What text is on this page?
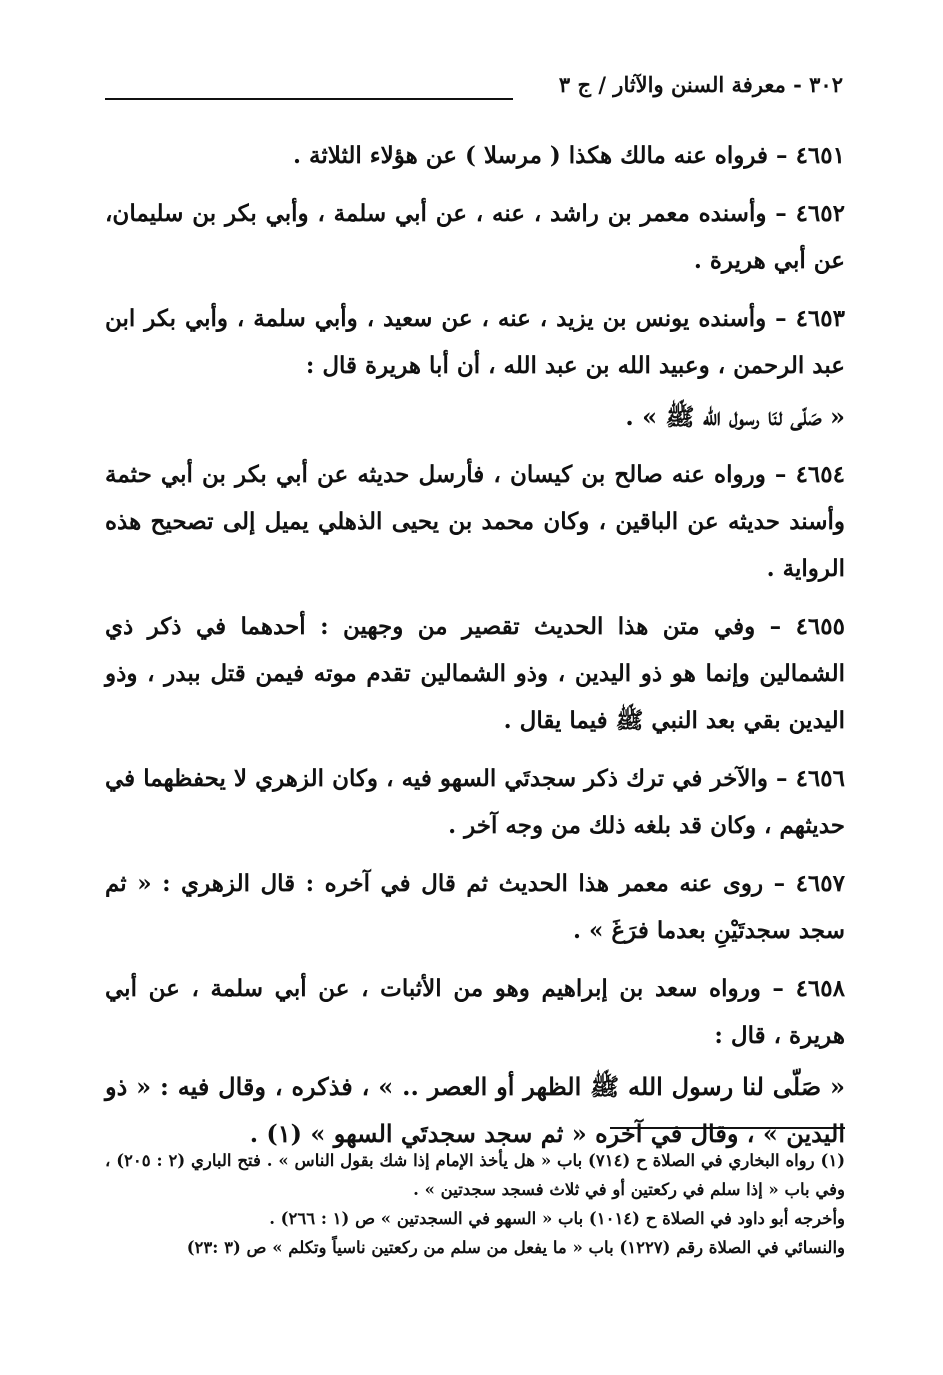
٣٠٢ - معرفة السنن والآثار / ج ٣

٤٦٥١ – فرواه عنه مالك هكذا ( مرسلا ) عن هؤلاء الثلاثة .

٤٦٥٢ – وأسنده معمر بن راشد ، عنه ، عن أبي سلمة ، وأبي بكر بن سليمان، عن أبي هريرة .

٤٦٥٣ – وأسنده يونس بن يزيد ، عنه ، عن سعيد ، وأبي سلمة ، وأبي بكر ابن عبد الرحمن ، وعبيد الله بن عبد الله ، أن أبا هريرة قال :

« صَلّى لنَا رسول الله ﷺ » .

٤٦٥٤ – ورواه عنه صالح بن كيسان ، فأرسل حديثه عن أبي بكر بن أبي حثمة وأسند حديثه عن الباقين ، وكان محمد بن يحيى الذهلي يميل إلى تصحيح هذه الرواية .

٤٦٥٥ – وفي متن هذا الحديث تقصير من وجهين : أحدهما في ذكر ذي الشمالين وإنما هو ذو اليدين ، وذو الشمالين تقدم موته فيمن قتل ببدر ، وذو اليدين بقي بعد النبي ﷺ فيما يقال .

٤٦٥٦ – والآخر في ترك ذكر سجدتَي السهو فيه ، وكان الزهري لا يحفظهما في حديثهم ، وكان قد بلغه ذلك من وجه آخر .

٤٦٥٧ – روى عنه معمر هذا الحديث ثم قال في آخره : قال الزهري : « ثم سجد سجدتَيْنِ بعدما فرَغَ » .

٤٦٥٨ – ورواه سعد بن إبراهيم وهو من الأثبات ، عن أبي سلمة ، عن أبي هريرة ، قال :

« صَلّى لنا رسول الله ﷺ الظهر أو العصر .. » ، فذكره ، وقال فيه : « ذو اليدين » ، وقال في آخره « ثم سجد سجدتَي السهو » (١) .

(١) رواه البخاري في الصلاة ح (٧١٤) باب « هل يأخذ الإمام إذا شك بقول الناس » . فتح الباري (٢ : ٢٠٥) ، وفي باب « إذا سلم في ركعتين أو في ثلاث فسجد سجدتين » .

وأخرجه أبو داود في الصلاة ح (١٠١٤) باب « السهو في السجدتين » ص (١ : ٢٦٦) .

والنسائي في الصلاة رقم (١٢٢٧) باب « ما يفعل من سلم من ركعتين ناسياً وتكلم » ص (٣ :٢٣)
